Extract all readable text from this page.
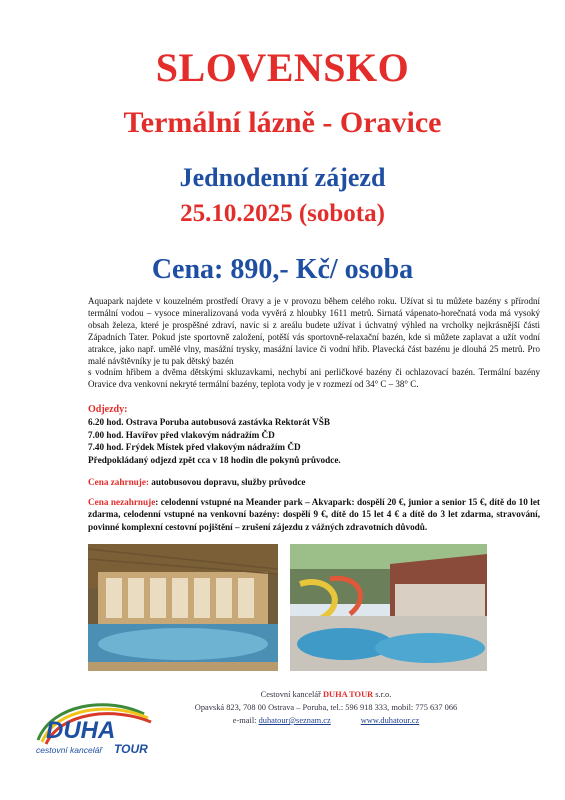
SLOVENSKO
Termální lázně - Oravice
Jednodenní zájezd
25.10.2025 (sobota)
Cena: 890,- Kč/ osoba

Aquapark najdete v kouzelném prostředí Oravy a je v provozu během celého roku. Užívat si tu můžete bazény s přírodní termální vodou – vysoce mineralizovaná voda vyvěrá z hloubky 1611 metrů. Sirnatá vápenato-horečnatá voda má vysoký obsah železa, které je prospěšné zdraví, navíc si z areálu budete užívat i úchvatný výhled na vrcholky nejkrásnější části Západních Tater. Pokud jste sportovně založení, potěší vás sportovně-relaxační bazén, kde si můžete zaplavat a užít vodní atrakce, jako např. umělé vlny, masážní trysky, masážní lavice či vodní hřib. Plavecká část bazénu je dlouhá 25 metrů. Pro malé návštěvníky je tu pak dětský bazén

s vodním hřibem a dvěma dětskými skluzavkami, nechybí ani perličkové bazény či ochlazovací bazén. Termální bazény Oravice dva venkovní nekryté termální bazény, teplota vody je v rozmezí od 34° C – 38° C.

Odjezdy:
6.20 hod. Ostrava Poruba autobusová zastávka Rektorát VŠB
7.00 hod. Havířov před vlakovým nádražím ČD
7.40 hod. Frýdek Místek před vlakovým nádražím ČD
Předpokládaný odjezd zpět cca v 18 hodin dle pokynů průvodce.
Cena zahrnuje: autobusovou dopravu, služby průvodce
Cena nezahrnuje: celodenní vstupné na Meander park – Akvapark: dospělí 20 €, junior a senior 15 €, dítě do 10 let zdarma, celodenní vstupné na venkovní bazény: dospělí 9 €, dítě do 15 let 4 € a dítě do 3 let zdarma, stravování, povinné komplexní cestovní pojištění – zrušení zájezdu z vážných zdravotních důvodů.
DUHA
cestovní kancelář TOUR
Cestovní kancelář DUHA TOUR s.r.o.
Opavská 823, 708 00 Ostrava – Poruba, tel.: 596 918 333, mobil: 775 637 066
e-mail: duhatour@seznam.cz	www.duhatour.cz
